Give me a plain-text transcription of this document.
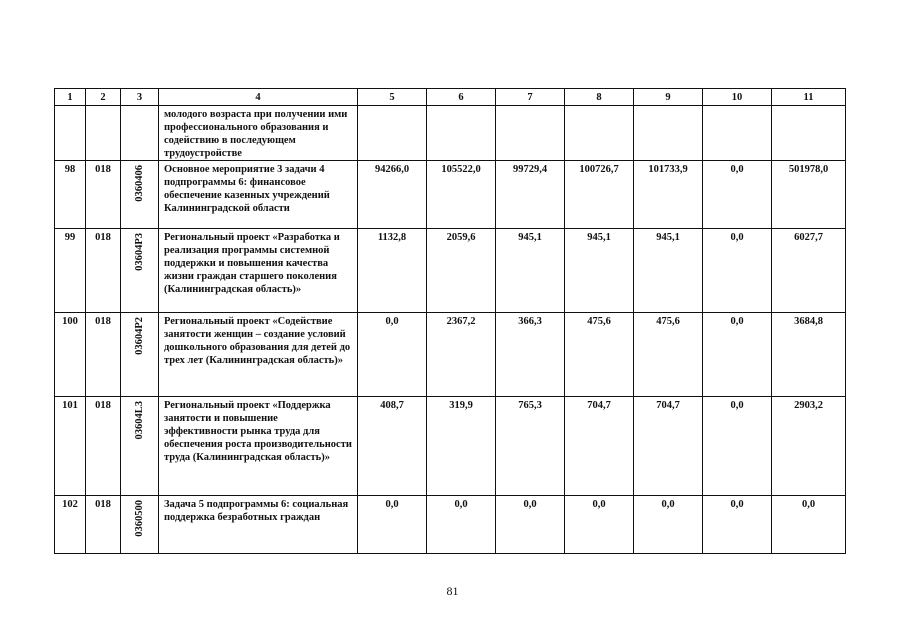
1	2	3	4	5	6	7	8	9	10	11
			молодого возраста при получении ими профессионального образования и содействию в последующем трудоустройстве							
98	018	0360406	Основное мероприятие 3 задачи 4 подпрограммы 6: финансовое обеспечение казенных учреждений Калининградской области	94266,0	105522,0	99729,4	100726,7	101733,9	0,0	501978,0
99	018	03604P3	Региональный проект «Разработка и реализация программы системной поддержки и повышения качества жизни граждан старшего поколения (Калининградская область)»	1132,8	2059,6	945,1	945,1	945,1	0,0	6027,7
100	018	03604P2	Региональный проект «Содействие занятости женщин – создание условий дошкольного образования для детей до трех лет (Калининградская область)»	0,0	2367,2	366,3	475,6	475,6	0,0	3684,8
101	018	03604L3	Региональный проект «Поддержка занятости и повышение эффективности рынка труда для обеспечения роста производительности труда (Калининградская область)»	408,7	319,9	765,3	704,7	704,7	0,0	2903,2
102	018	0360500	Задача 5 подпрограммы 6: социальная поддержка безработных граждан	0,0	0,0	0,0	0,0	0,0	0,0	0,0
81
